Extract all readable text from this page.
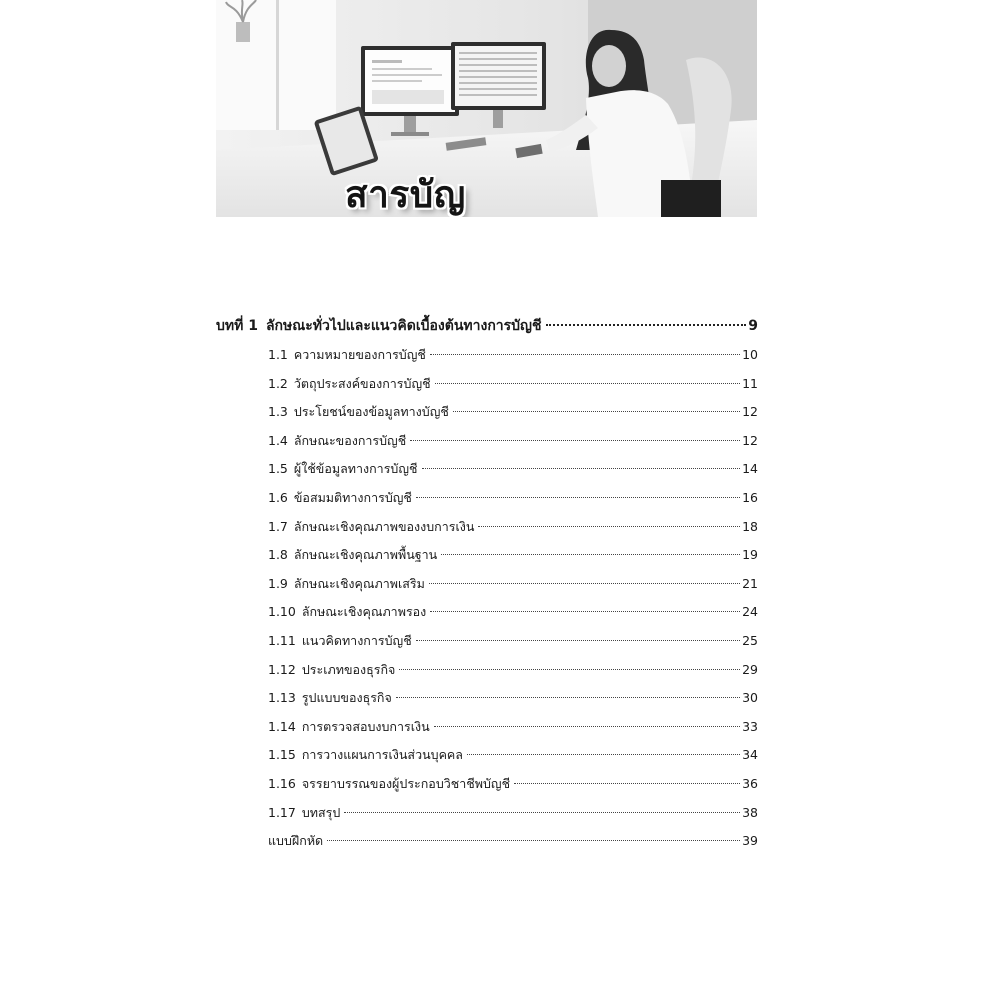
สารบัญ
บทที่ 1 ลักษณะทั่วไปและแนวคิดเบื้องต้นทางการบัญชี	9
1.1 ความหมายของการบัญชี	10
1.2 วัตถุประสงค์ของการบัญชี	11
1.3 ประโยชน์ของข้อมูลทางบัญชี	12
1.4 ลักษณะของการบัญชี	12
1.5 ผู้ใช้ข้อมูลทางการบัญชี	14
1.6 ข้อสมมติทางการบัญชี	16
1.7 ลักษณะเชิงคุณภาพของงบการเงิน	18
1.8 ลักษณะเชิงคุณภาพพื้นฐาน	19
1.9 ลักษณะเชิงคุณภาพเสริม	21
1.10 ลักษณะเชิงคุณภาพรอง	24
1.11 แนวคิดทางการบัญชี	25
1.12 ประเภทของธุรกิจ	29
1.13 รูปแบบของธุรกิจ	30
1.14 การตรวจสอบงบการเงิน	33
1.15 การวางแผนการเงินส่วนบุคคล	34
1.16 จรรยาบรรณของผู้ประกอบวิชาชีพบัญชี	36
1.17 บทสรุป	38
แบบฝึกหัด	39
